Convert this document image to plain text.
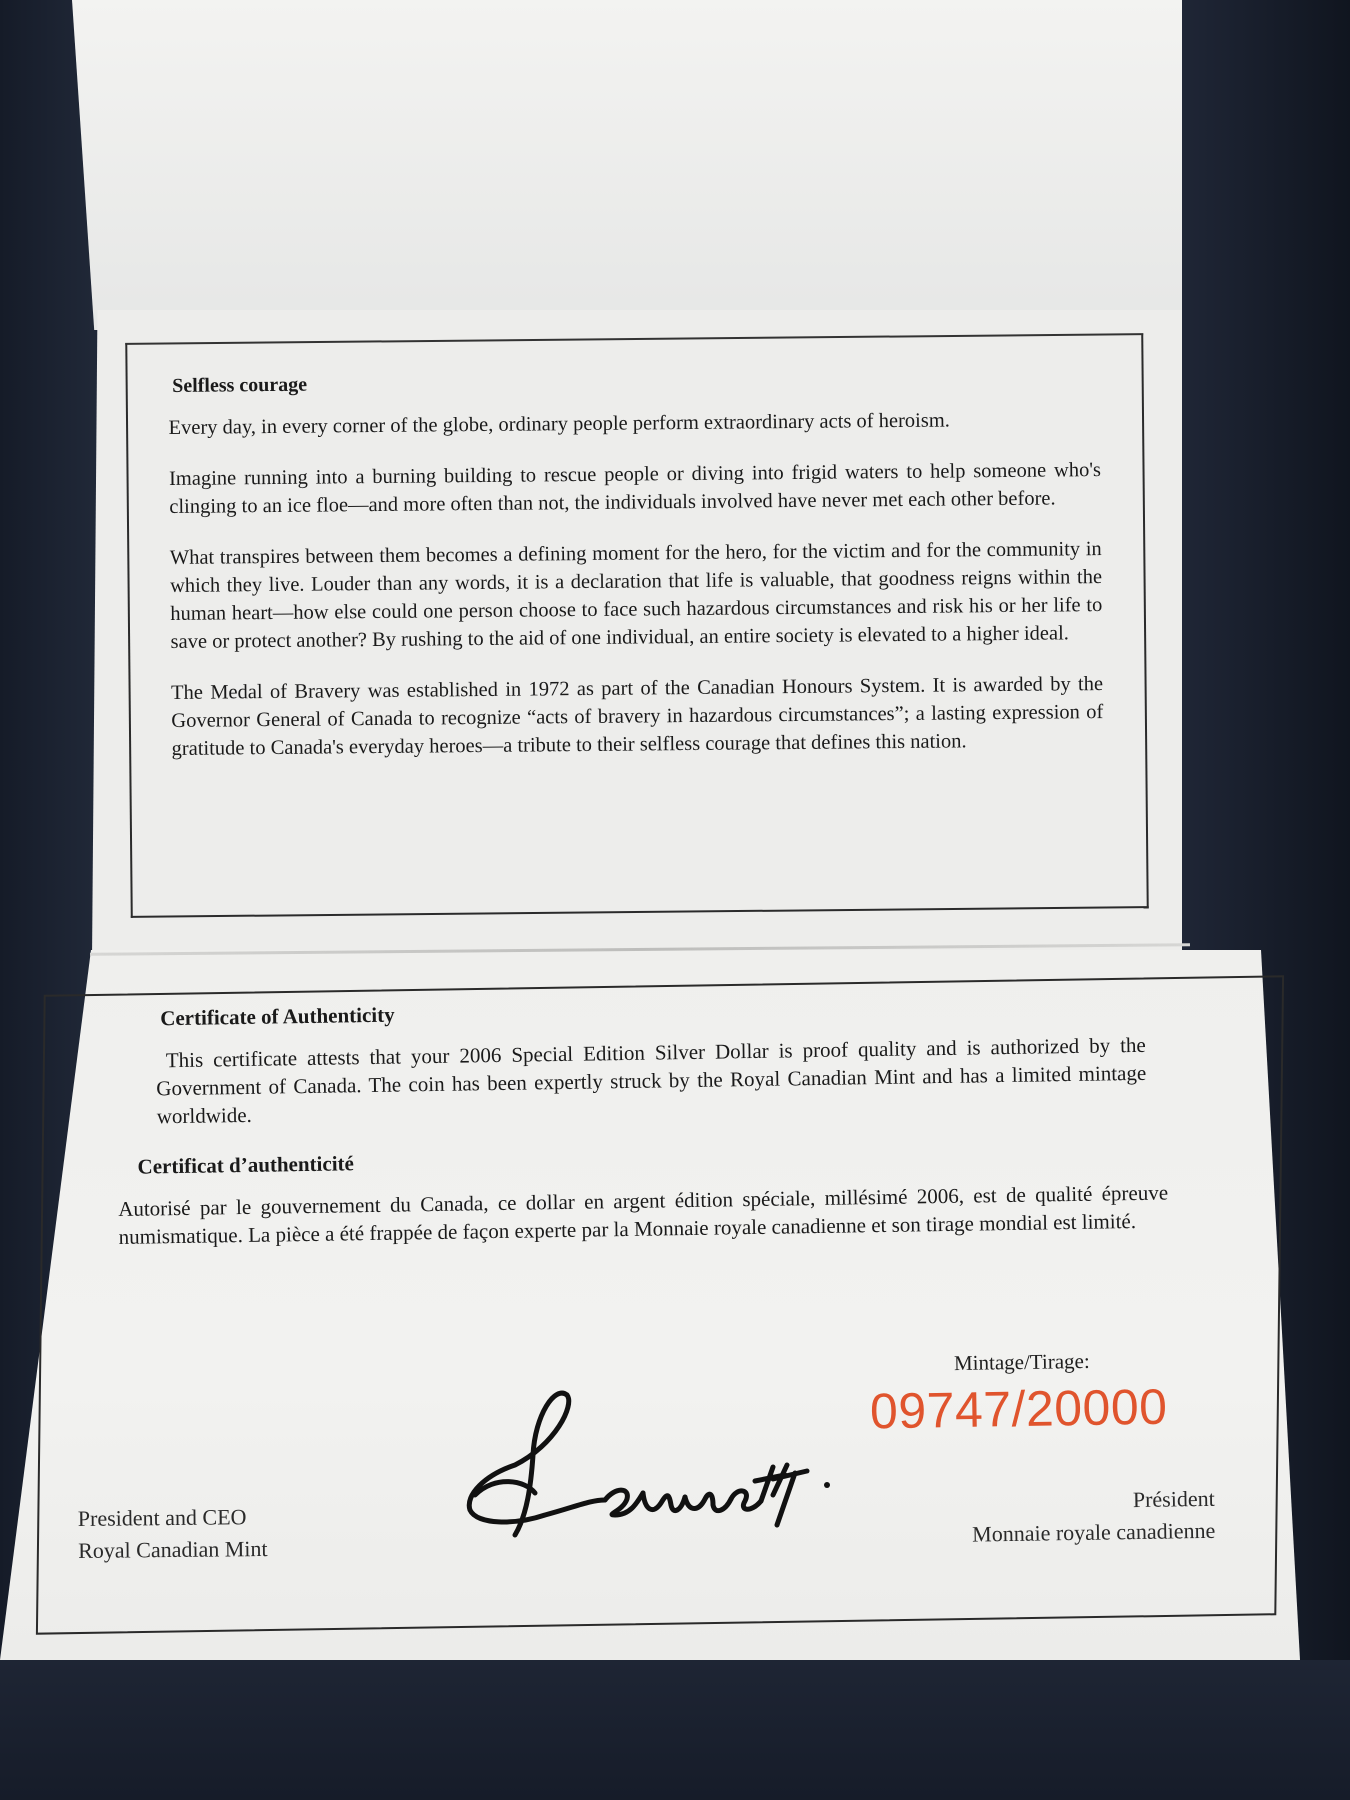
Selfless courage

Every day, in every corner of the globe, ordinary people perform extraordinary acts of heroism.

Imagine running into a burning building to rescue people or diving into frigid waters to help someone who's clinging to an ice floe—and more often than not, the individuals involved have never met each other before.

What transpires between them becomes a defining moment for the hero, for the victim and for the community in which they live. Louder than any words, it is a declaration that life is valuable, that goodness reigns within the human heart—how else could one person choose to face such hazardous circumstances and risk his or her life to save or protect another? By rushing to the aid of one individual, an entire society is elevated to a higher ideal.

The Medal of Bravery was established in 1972 as part of the Canadian Honours System. It is awarded by the Governor General of Canada to recognize “acts of bravery in hazardous circumstances”; a lasting expression of gratitude to Canada's everyday heroes—a tribute to their selfless courage that defines this nation.

Certificate of Authenticity

This certificate attests that your 2006 Special Edition Silver Dollar is proof quality and is authorized by the Government of Canada. The coin has been expertly struck by the Royal Canadian Mint and has a limited mintage worldwide.

Certificat d’authenticité

Autorisé par le gouvernement du Canada, ce dollar en argent édition spéciale, millésimé 2006, est de qualité épreuve numismatique. La pièce a été frappée de façon experte par la Monnaie royale canadienne et son tirage mondial est limité.

Mintage/Tirage:
09747/20000
President and CEO
Royal Canadian Mint
Président
Monnaie royale canadienne
